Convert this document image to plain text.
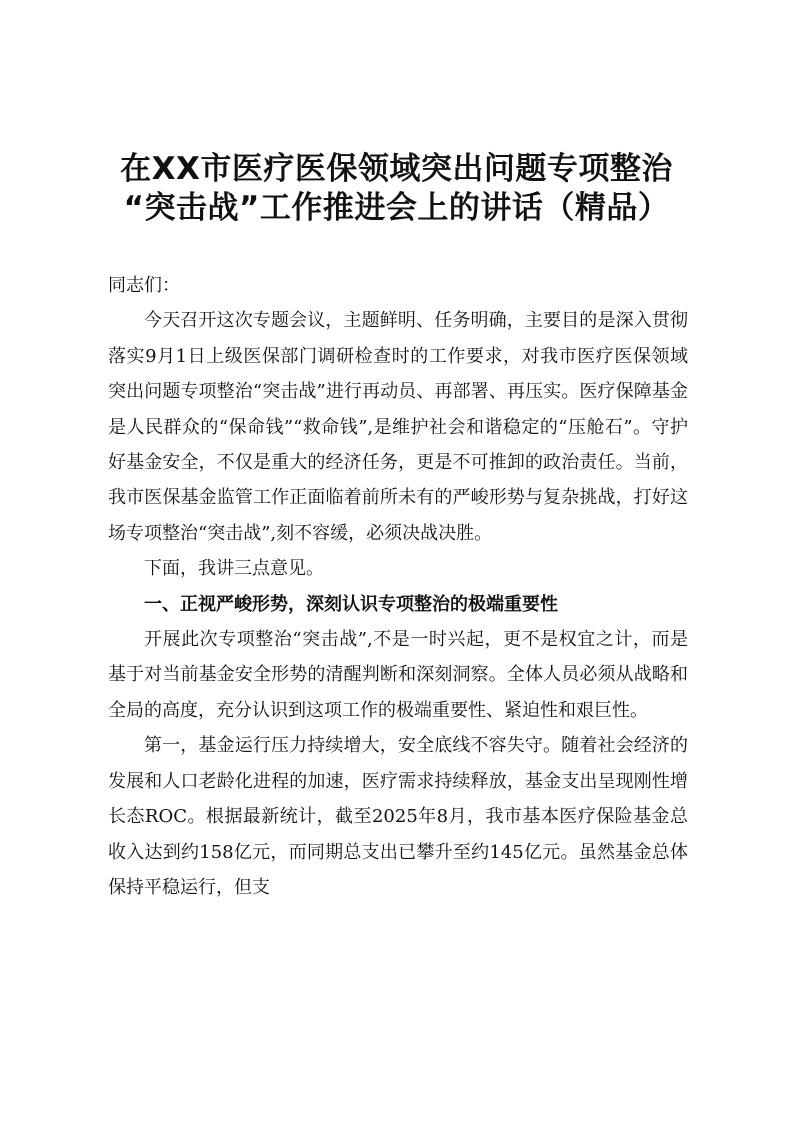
在XX市医疗医保领域突出问题专项整治
“突击战”工作推进会上的讲话（精品）

同志们：

今天召开这次专题会议，主题鲜明、任务明确，主要目的是深入贯彻落实9月1日上级医保部门调研检查时的工作要求，对我市医疗医保领域突出问题专项整治“突击战”进行再动员、再部署、再压实。医疗保障基金是人民群众的“保命钱”“救命钱”,是维护社会和谐稳定的“压舱石”。守护好基金安全，不仅是重大的经济任务，更是不可推卸的政治责任。当前，我市医保基金监管工作正面临着前所未有的严峻形势与复杂挑战，打好这场专项整治“突击战”,刻不容缓，必须决战决胜。

下面，我讲三点意见。

一、正视严峻形势，深刻认识专项整治的极端重要性

开展此次专项整治“突击战”,不是一时兴起，更不是权宜之计，而是基于对当前基金安全形势的清醒判断和深刻洞察。全体人员必须从战略和全局的高度，充分认识到这项工作的极端重要性、紧迫性和艰巨性。

第一，基金运行压力持续增大，安全底线不容失守。随着社会经济的发展和人口老龄化进程的加速，医疗需求持续释放，基金支出呈现刚性增长态ROC。根据最新统计，截至2025年8月，我市基本医疗保险基金总收入达到约158亿元，而同期总支出已攀升至约145亿元。虽然基金总体保持平稳运行，但支
